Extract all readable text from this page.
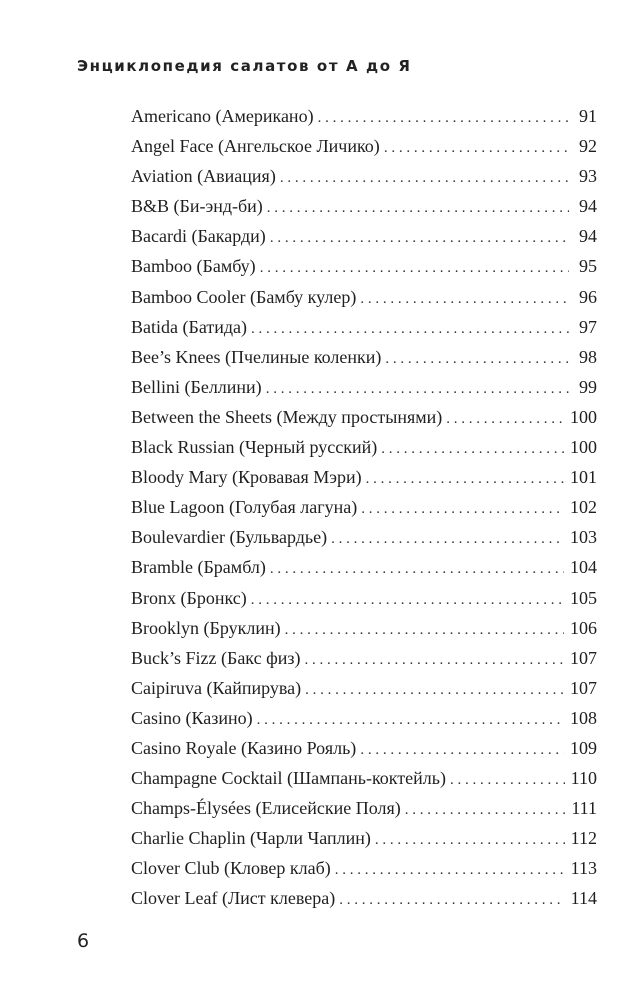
Энциклопедия салатов от А до Я
Americano (Американо) . . .	91
Angel Face (Ангельское Личико) . . .	92
Aviation (Авиация) . . .	93
B&B (Би-энд-би) . . .	94
Bacardi (Бакарди) . . .	94
Bamboo (Бамбу) . . .	95
Bamboo Cooler (Бамбу кулер) . . .	96
Batida (Батида) . . .	97
Bee’s Knees (Пчелиные коленки) . . .	98
Bellini (Беллини) . . .	99
Between the Sheets (Между простынями) . . .	100
Black Russian (Черный русский) . . .	100
Bloody Mary (Кровавая Мэри) . . .	101
Blue Lagoon (Голубая лагуна) . . .	102
Boulevardier (Бульвардье) . . .	103
Bramble (Брамбл) . . .	104
Bronx (Бронкс) . . .	105
Brooklyn (Бруклин) . . .	106
Buck’s Fizz (Бакс физ) . . .	107
Caipiruva (Кайпирува) . . .	107
Casino (Казино) . . .	108
Casino Royale (Казино Рояль) . . .	109
Champagne Cocktail (Шампань-коктейль) . . .	110
Champs-Élysées (Елисейские Поля) . . .	111
Charlie Chaplin (Чарли Чаплин) . . .	112
Clover Club (Кловер клаб) . . .	113
Clover Leaf (Лист клевера) . . .	114
6
